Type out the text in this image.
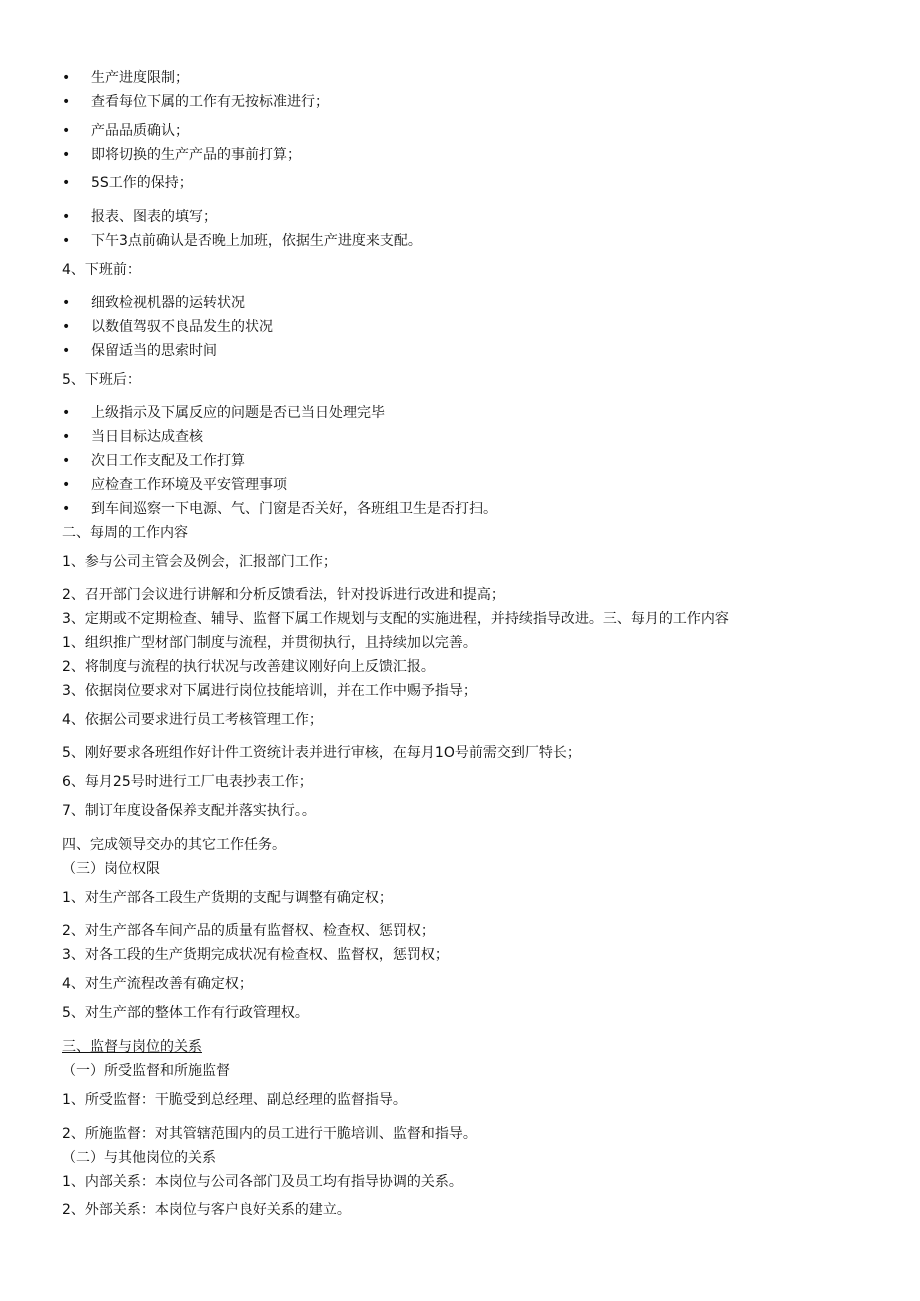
• 生产进度限制；
• 查看每位下属的工作有无按标准进行；
• 产品品质确认；
• 即将切换的生产产品的事前打算；
• 5S工作的保持；
• 报表、图表的填写；
• 下午3点前确认是否晚上加班，依据生产进度来支配。
4、下班前：
• 细致检视机器的运转状况
• 以数值驾驭不良品发生的状况
• 保留适当的思索时间
5、下班后：
• 上级指示及下属反应的问题是否已当日处理完毕
• 当日目标达成查核
• 次日工作支配及工作打算
• 应检查工作环境及平安管理事项
• 到车间巡察一下电源、气、门窗是否关好，各班组卫生是否打扫。
二、每周的工作内容
1、参与公司主管会及例会，汇报部门工作；
2、召开部门会议进行讲解和分析反馈看法，针对投诉进行改进和提高；
3、定期或不定期检查、辅导、监督下属工作规划与支配的实施进程，并持续指导改进。三、每月的工作内容
1、组织推广型材部门制度与流程，并贯彻执行，且持续加以完善。
2、将制度与流程的执行状况与改善建议刚好向上反馈汇报。
3、依据岗位要求对下属进行岗位技能培训，并在工作中赐予指导；
4、依据公司要求进行员工考核管理工作；
5、刚好要求各班组作好计件工资统计表并进行审核，在每月1O号前需交到厂特长；
6、每月25号时进行工厂电表抄表工作；
7、制订年度设备保养支配并落实执行。。
四、完成领导交办的其它工作任务。
（三）岗位权限
1、对生产部各工段生产货期的支配与调整有确定权；
2、对生产部各车间产品的质量有监督权、检查权、惩罚权；
3、对各工段的生产货期完成状况有检查权、监督权，惩罚权；
4、对生产流程改善有确定权；
5、对生产部的整体工作有行政管理权。
三、监督与岗位的关系
（一）所受监督和所施监督
1、所受监督：干脆受到总经理、副总经理的监督指导。
2、所施监督：对其管辖范围内的员工进行干脆培训、监督和指导。
（二）与其他岗位的关系
1、内部关系：本岗位与公司各部门及员工均有指导协调的关系。
2、外部关系：本岗位与客户良好关系的建立。
